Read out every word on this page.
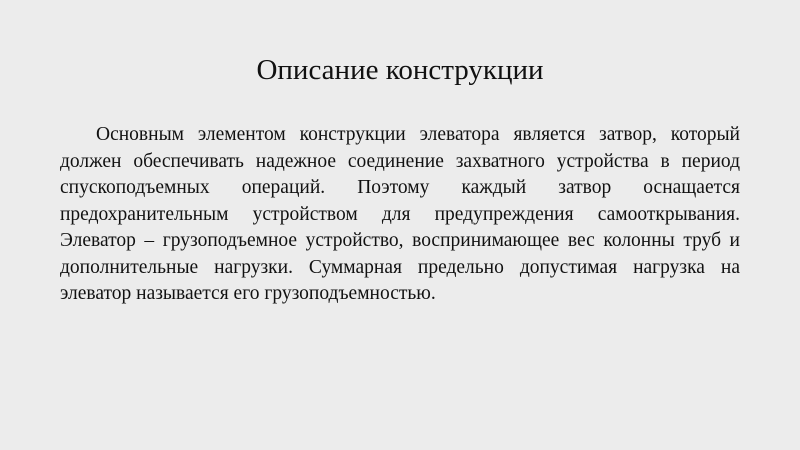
Описание конструкции

Основным элементом конструкции элеватора является затвор, который должен обеспечивать надежное соединение захватного устройства в период спускоподъемных операций. Поэтому каждый затвор оснащается предохранительным устройством для предупреждения самооткрывания. Элеватор – грузоподъемное устройство, воспринимающее вес колонны труб и дополнительные нагрузки. Суммарная предельно допустимая нагрузка на элеватор называется его грузоподъемностью.
